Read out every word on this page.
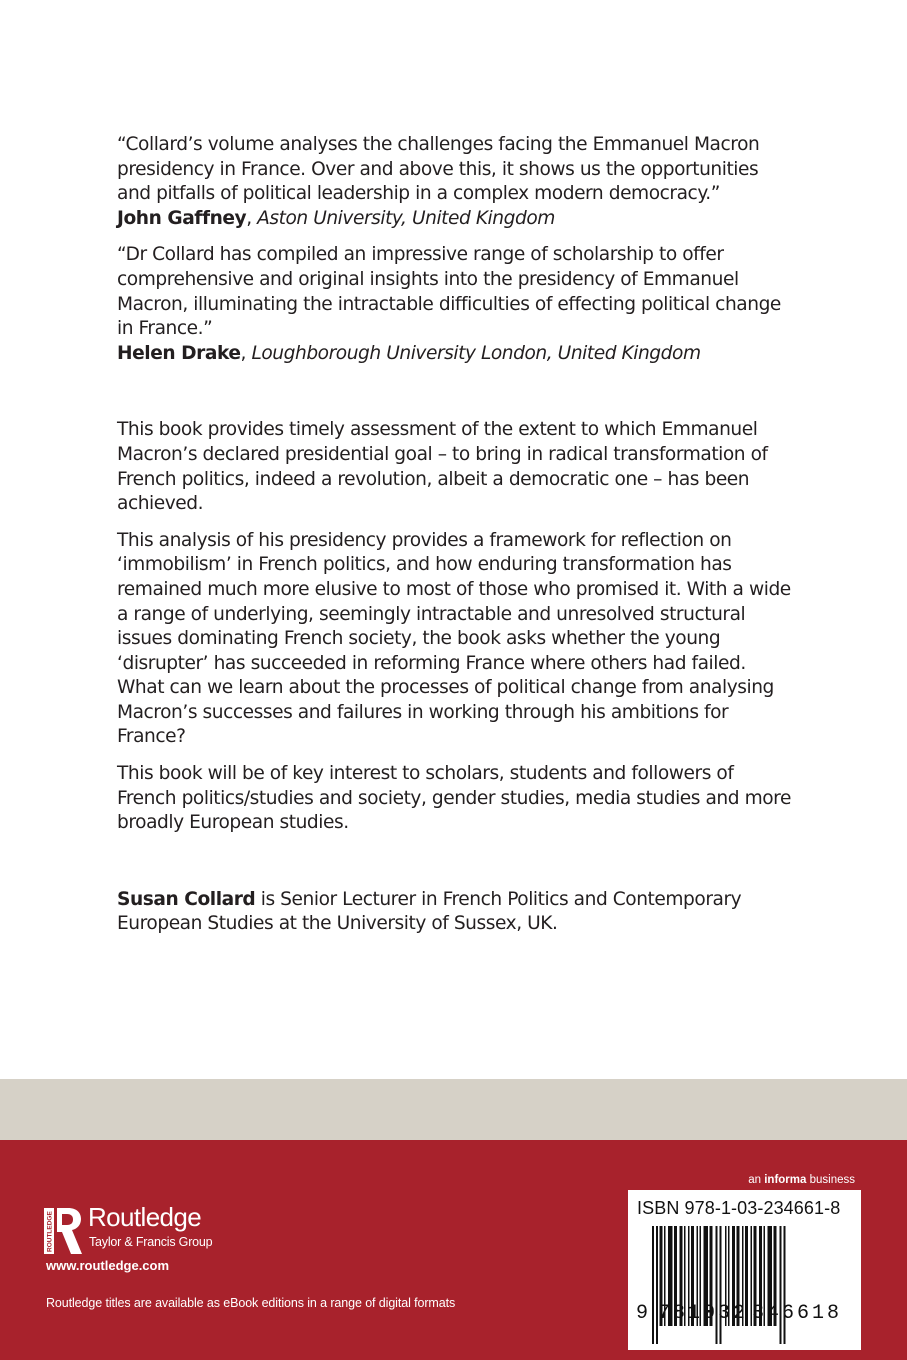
“Collard’s volume analyses the challenges facing the Emmanuel Macron presidency in France. Over and above this, it shows us the opportunities and pitfalls of political leadership in a complex modern democracy.”
John Gaffney, Aston University, United Kingdom
“Dr Collard has compiled an impressive range of scholarship to offer comprehensive and original insights into the presidency of Emmanuel Macron, illuminating the intractable difficulties of effecting political change in France.”
Helen Drake, Loughborough University London, United Kingdom

This book provides timely assessment of the extent to which Emmanuel Macron’s declared presidential goal – to bring in radical transformation of French politics, indeed a revolution, albeit a democratic one – has been achieved.

This analysis of his presidency provides a framework for reflection on ‘immobilism’ in French politics, and how enduring transformation has remained much more elusive to most of those who promised it. With a wide a range of underlying, seemingly intractable and unresolved structural issues dominating French society, the book asks whether the young ‘disrupter’ has succeeded in reforming France where others had failed. What can we learn about the processes of political change from analysing Macron’s successes and failures in working through his ambitions for France?

This book will be of key interest to scholars, students and followers of French politics/studies and society, gender studies, media studies and more broadly European studies.

Susan Collard is Senior Lecturer in French Politics and Contemporary European Studies at the University of Sussex, UK.

ROUTLEDGE Routledge
Taylor & Francis Group
www.routledge.com
Routledge titles are available as eBook editions in a range of digital formats
an informa business
ISBN 978-1-03-234661-8
9 781032 346618
